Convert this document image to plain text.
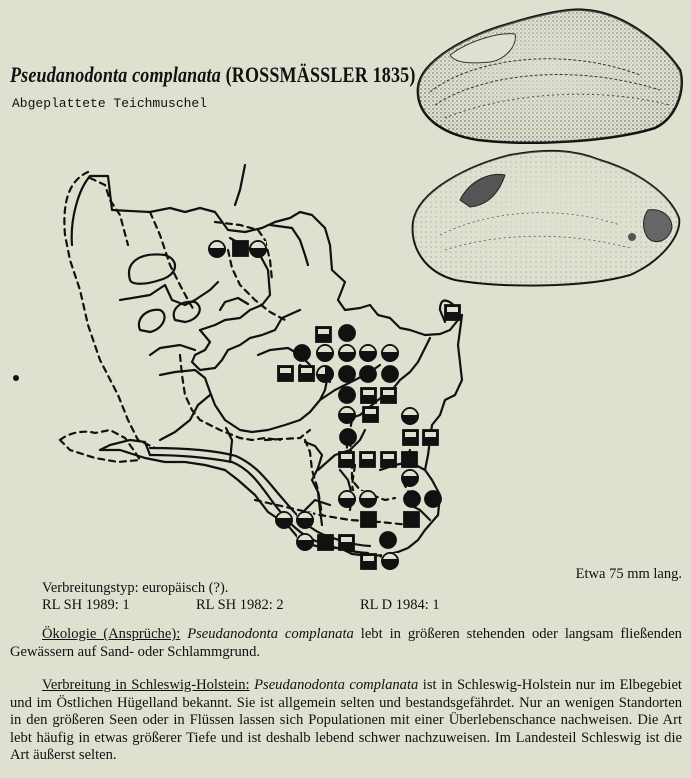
Pseudanodonta complanata (ROSSMÄSSLER 1835)
Abgeplattete Teichmuschel
Etwa 75 mm lang.
Verbreitungstyp: europäisch (?).
RL SH 1989: 1	RL SH 1982: 2	RL D 1984: 1
Ökologie (Ansprüche): Pseudanodonta complanata lebt in größeren stehenden oder langsam fließenden Gewässern auf Sand- oder Schlammgrund.
Verbreitung in Schleswig-Holstein: Pseudanodonta complanata ist in Schleswig-Holstein nur im Elbegebiet und im Östlichen Hügelland bekannt. Sie ist allgemein selten und bestandsgefährdet. Nur an wenigen Standorten in den größeren Seen oder in Flüssen lassen sich Populationen mit einer Überlebenschance nachweisen. Die Art lebt häufig in etwas größerer Tiefe und ist deshalb lebend schwer nachzuweisen. Im Landesteil Schleswig ist die Art äußerst selten.
